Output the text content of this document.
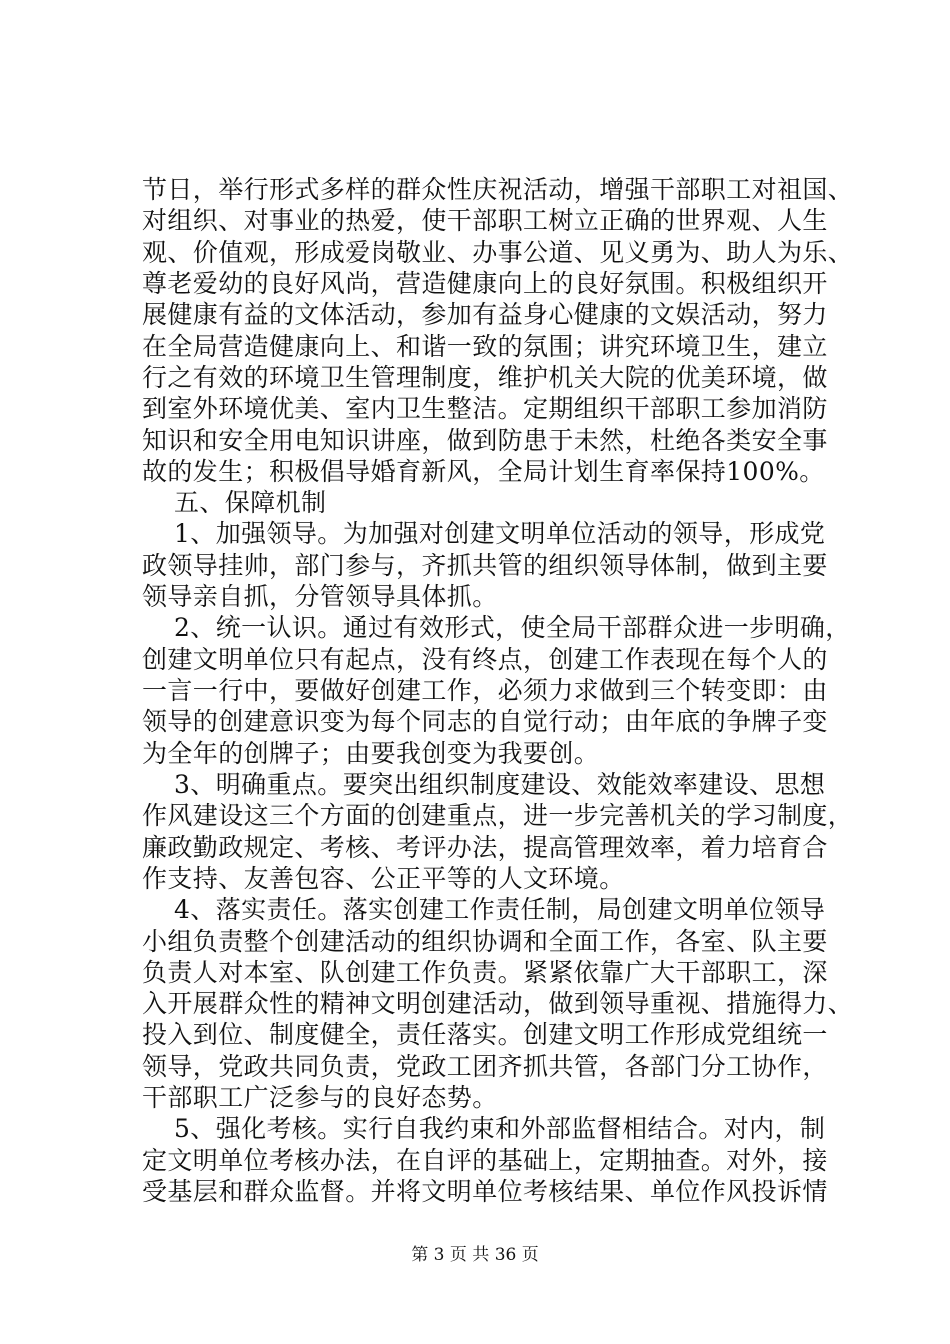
节日，举行形式多样的群众性庆祝活动，增强干部职工对祖国、
对组织、对事业的热爱，使干部职工树立正确的世界观、人生
观、价值观，形成爱岗敬业、办事公道、见义勇为、助人为乐、
尊老爱幼的良好风尚，营造健康向上的良好氛围。积极组织开
展健康有益的文体活动，参加有益身心健康的文娱活动，努力
在全局营造健康向上、和谐一致的氛围；讲究环境卫生，建立
行之有效的环境卫生管理制度，维护机关大院的优美环境，做
到室外环境优美、室内卫生整洁。定期组织干部职工参加消防
知识和安全用电知识讲座，做到防患于未然，杜绝各类安全事
故的发生；积极倡导婚育新风，全局计划生育率保持100%。
五、保障机制
1、加强领导。为加强对创建文明单位活动的领导，形成党
政领导挂帅，部门参与，齐抓共管的组织领导体制，做到主要
领导亲自抓，分管领导具体抓。
2、统一认识。通过有效形式，使全局干部群众进一步明确，
创建文明单位只有起点，没有终点，创建工作表现在每个人的
一言一行中，要做好创建工作，必须力求做到三个转变即：由
领导的创建意识变为每个同志的自觉行动；由年底的争牌子变
为全年的创牌子；由要我创变为我要创。
3、明确重点。要突出组织制度建设、效能效率建设、思想
作风建设这三个方面的创建重点，进一步完善机关的学习制度，
廉政勤政规定、考核、考评办法，提高管理效率，着力培育合
作支持、友善包容、公正平等的人文环境。
4、落实责任。落实创建工作责任制，局创建文明单位领导
小组负责整个创建活动的组织协调和全面工作，各室、队主要
负责人对本室、队创建工作负责。紧紧依靠广大干部职工，深
入开展群众性的精神文明创建活动，做到领导重视、措施得力、
投入到位、制度健全，责任落实。创建文明工作形成党组统一
领导，党政共同负责，党政工团齐抓共管，各部门分工协作，
干部职工广泛参与的良好态势。
5、强化考核。实行自我约束和外部监督相结合。对内，制
定文明单位考核办法，在自评的基础上，定期抽查。对外，接
受基层和群众监督。并将文明单位考核结果、单位作风投诉情
第 3 页 共 36 页
